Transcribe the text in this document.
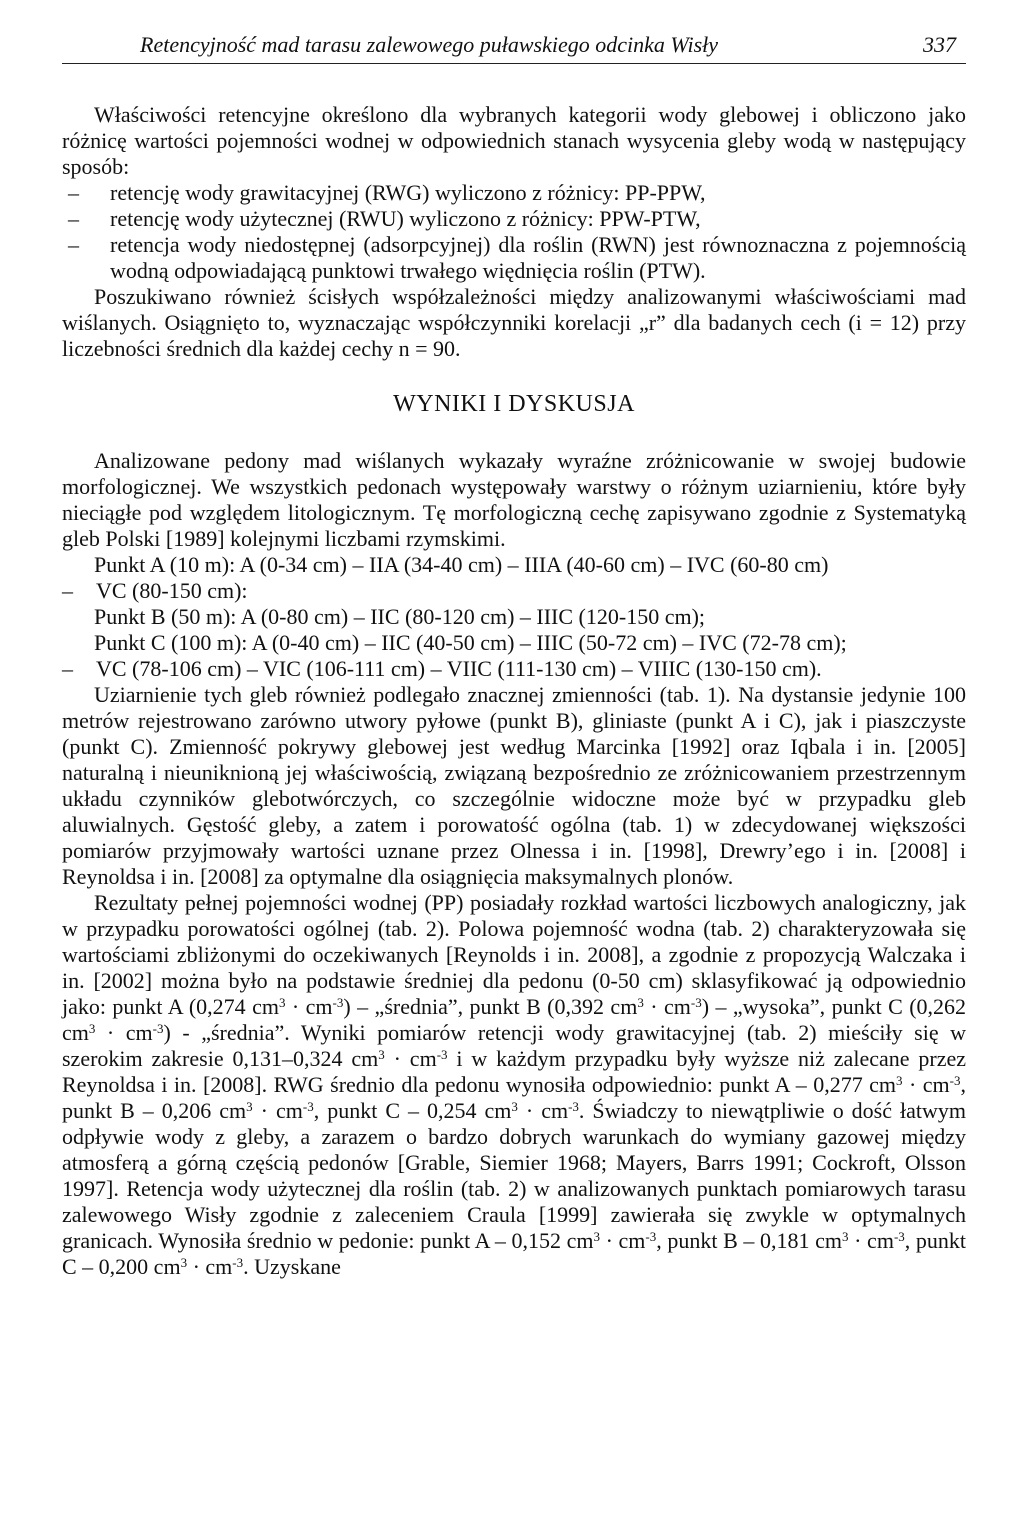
Retencyjność mad tarasu zalewowego puławskiego odcinka Wisły	337

Właściwości retencyjne określono dla wybranych kategorii wody glebowej i obliczono jako różnicę wartości pojemności wodnej w odpowiednich stanach wysycenia gleby wodą w następujący sposób:

– retencję wody grawitacyjnej (RWG) wyliczono z różnicy: PP-PPW,
– retencję wody użytecznej (RWU) wyliczono z różnicy: PPW-PTW,
– retencja wody niedostępnej (adsorpcyjnej) dla roślin (RWN) jest równoznaczna z pojemnością wodną odpowiadającą punktowi trwałego więdnięcia roślin (PTW).

Poszukiwano również ścisłych współzależności między analizowanymi właściwościami mad wiślanych. Osiągnięto to, wyznaczając współczynniki korelacji „r” dla badanych cech (i = 12) przy liczebności średnich dla każdej cechy n = 90.

WYNIKI I DYSKUSJA

Analizowane pedony mad wiślanych wykazały wyraźne zróżnicowanie w swojej budowie morfologicznej. We wszystkich pedonach występowały warstwy o różnym uziarnieniu, które były nieciągłe pod względem litologicznym. Tę morfologiczną cechę zapisywano zgodnie z Systematyką gleb Polski [1989] kolejnymi liczbami rzymskimi.

Punkt A (10 m): A (0-34 cm) – IIA (34-40 cm) – IIIA (40-60 cm) – IVC (60-80 cm)

– VC (80-150 cm):

Punkt B (50 m): A (0-80 cm) – IIC (80-120 cm) – IIIC (120-150 cm);

Punkt C (100 m): A (0-40 cm) – IIC (40-50 cm) – IIIC (50-72 cm) – IVC (72-78 cm);

– VC (78-106 cm) – VIC (106-111 cm) – VIIC (111-130 cm) – VIIIC (130-150 cm).

Uziarnienie tych gleb również podlegało znacznej zmienności (tab. 1). Na dystansie jedynie 100 metrów rejestrowano zarówno utwory pyłowe (punkt B), gliniaste (punkt A i C), jak i piaszczyste (punkt C). Zmienność pokrywy glebowej jest według Marcinka [1992] oraz Iqbala i in. [2005] naturalną i nieuniknioną jej właściwością, związaną bezpośrednio ze zróżnicowaniem przestrzennym układu czynników glebotwórczych, co szczególnie widoczne może być w przypadku gleb aluwialnych. Gęstość gleby, a zatem i porowatość ogólna (tab. 1) w zdecydowanej większości pomiarów przyjmowały wartości uznane przez Olnessa i in. [1998], Drewry’ego i in. [2008] i Reynoldsa i in. [2008] za optymalne dla osiągnięcia maksymalnych plonów.

Rezultaty pełnej pojemności wodnej (PP) posiadały rozkład wartości liczbowych analogiczny, jak w przypadku porowatości ogólnej (tab. 2). Polowa pojemność wodna (tab. 2) charakteryzowała się wartościami zbliżonymi do oczekiwanych [Reynolds i in. 2008], a zgodnie z propozycją Walczaka i in. [2002] można było na podstawie średniej dla pedonu (0-50 cm) sklasyfikować ją odpowiednio jako: punkt A (0,274 $cm^3 \cdot cm^{-3}$) – „średnia”, punkt B (0,392 $cm^3 \cdot cm^{-3}$) – „wysoka”, punkt C (0,262 $cm^3 \cdot cm^{-3}$) - „średnia”. Wyniki pomiarów retencji wody grawitacyjnej (tab. 2) mieściły się w szerokim zakresie 0,131–0,324 $cm^3 \cdot cm^{-3}$ i w każdym przypadku były wyższe niż zalecane przez Reynoldsa i in. [2008]. RWG średnio dla pedonu wynosiła odpowiednio: punkt A – 0,277 $cm^3 \cdot cm^{-3}$, punkt B – 0,206 $cm^3 \cdot cm^{-3}$, punkt C – 0,254 $cm^3 \cdot cm^{-3}$. Świadczy to niewątpliwie o dość łatwym odpływie wody z gleby, a zarazem o bardzo dobrych warunkach do wymiany gazowej między atmosferą a górną częścią pedonów [Grable, Siemier 1968; Mayers, Barrs 1991; Cockroft, Olsson 1997]. Retencja wody użytecznej dla roślin (tab. 2) w analizowanych punktach pomiarowych tarasu zalewowego Wisły zgodnie z zaleceniem Craula [1999] zawierała się zwykle w optymalnych granicach. Wynosiła średnio w pedonie: punkt A – 0,152 $cm^3 \cdot cm^{-3}$, punkt B – 0,181 $cm^3 \cdot cm^{-3}$, punkt C – 0,200 $cm^3 \cdot cm^{-3}$. Uzyskane
